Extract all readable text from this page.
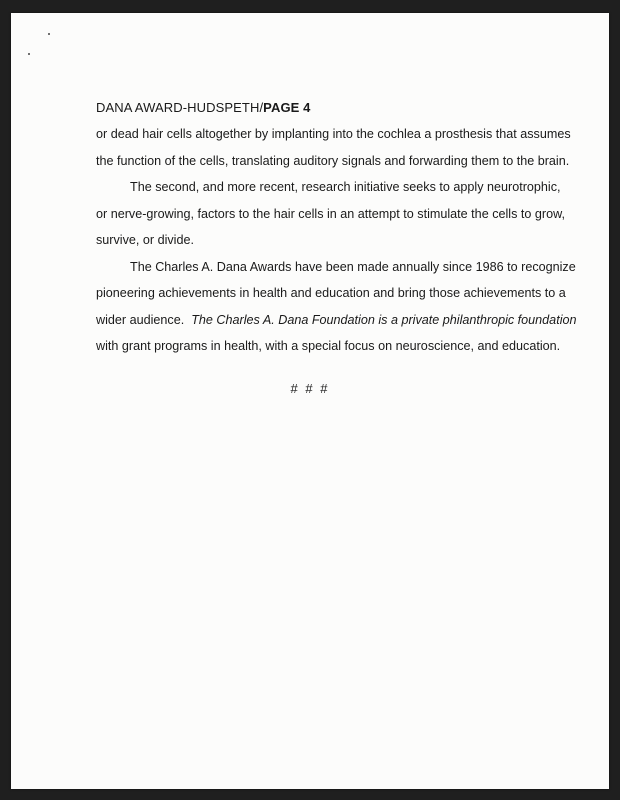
DANA AWARD-HUDSPETH/PAGE 4
or dead hair cells altogether by implanting into the cochlea a prosthesis that assumes
the function of the cells, translating auditory signals and forwarding them to the brain.
The second, and more recent, research initiative seeks to apply neurotrophic,
or nerve-growing, factors to the hair cells in an attempt to stimulate the cells to grow,
survive, or divide.
The Charles A. Dana Awards have been made annually since 1986 to recognize
pioneering achievements in health and education and bring those achievements to a
wider audience.  The Charles A. Dana Foundation is a private philanthropic foundation
with grant programs in health, with a special focus on neuroscience, and education.
# # #
